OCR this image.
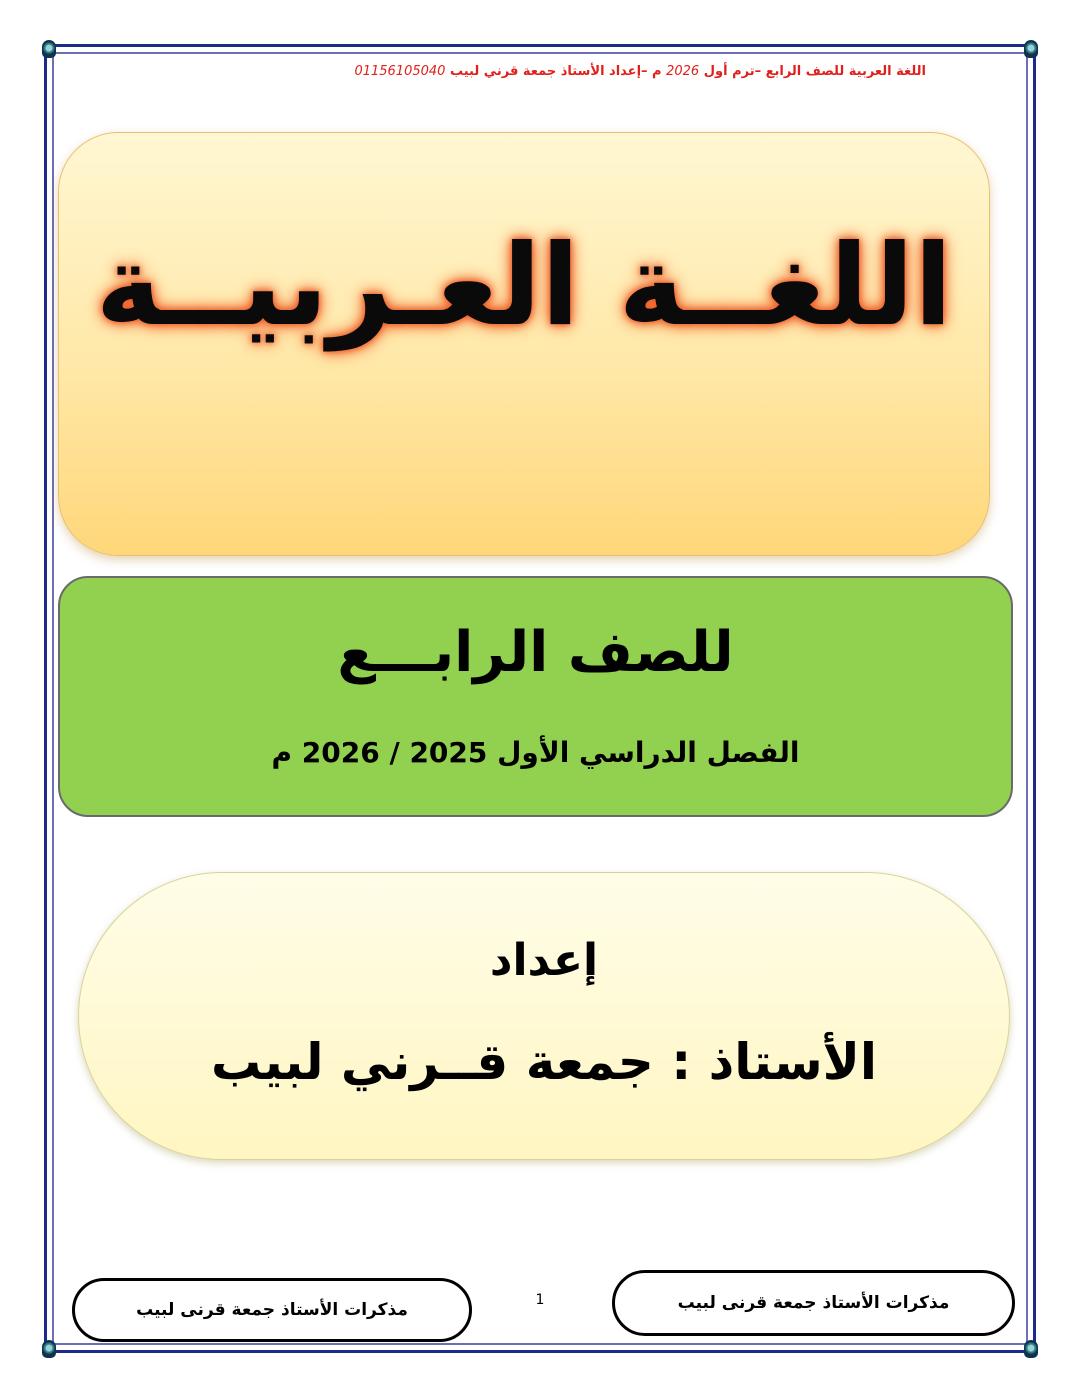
اللغة العربية للصف الرابع –ترم أول 2026 م –إعداد الأستاذ جمعة قرني لبيب 01156105040
اللغــة العـربيــة
للصف الرابـــع
الفصل الدراسي الأول 2025 / 2026 م
إعداد
الأستاذ : جمعة قــرني لبيب
مذكرات الأستاذ جمعة قرنى لبيب	1	مذكرات الأستاذ جمعة قرنى لبيب
